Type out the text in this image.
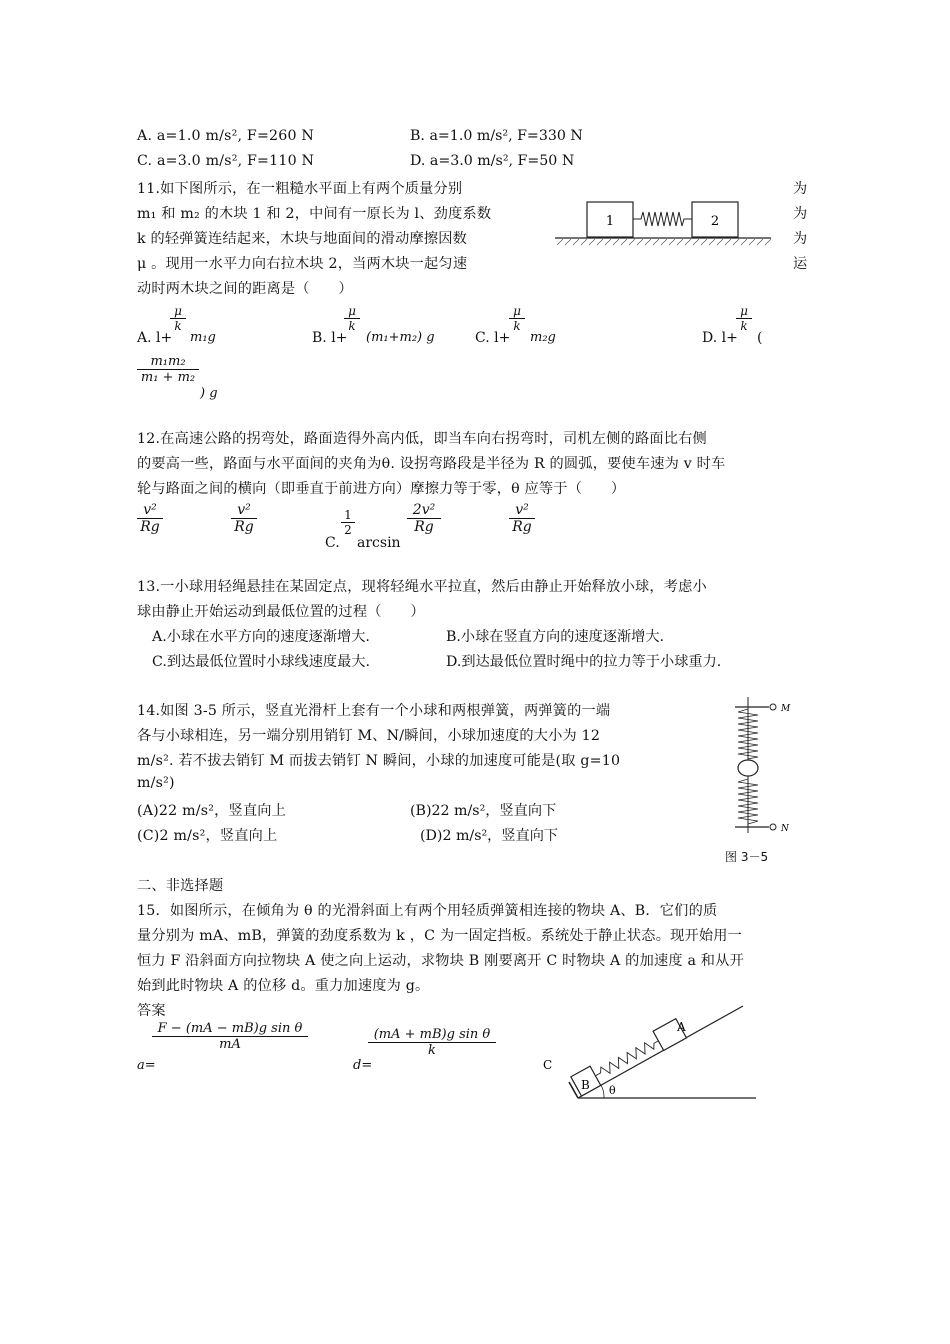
A. a=1.0 m/s², F=260 N	B. a=1.0 m/s², F=330 N
C. a=3.0 m/s², F=110 N	D. a=3.0 m/s², F=50 N
11.如下图所示，在一粗糙水平面上有两个质量分别
m₁ 和 m₂ 的木块 1 和 2，中间有一原长为 l、劲度系数
k 的轻弹簧连结起来，木块与地面间的滑动摩擦因数
μ 。现用一水平力向右拉木块 2，当两木块一起匀速
动时两木块之间的距离是（　　）
为
为
为
运
1	2
A. l+
μ
k
m₁g	B. l+
μ
k
(m₁+m₂) g	C. l+
μ
k
m₂g	D. l+
μ
k
(
m₁m₂
m₁ + m₂
) g
12.在高速公路的拐弯处，路面造得外高内低，即当车向右拐弯时，司机左侧的路面比右侧
的要高一些，路面与水平面间的夹角为θ. 设拐弯路段是半径为 R 的圆弧，要使车速为 v 时车
轮与路面之间的横向（即垂直于前进方向）摩擦力等于零，θ 应等于（　　）
v²
Rg
v²
Rg
C.
1
2
arcsin
2v²
Rg
v²
Rg
13.一小球用轻绳悬挂在某固定点，现将轻绳水平拉直，然后由静止开始释放小球，考虑小
球由静止开始运动到最低位置的过程（　　）
A.小球在水平方向的速度逐渐增大.	B.小球在竖直方向的速度逐渐增大.
C.到达最低位置时小球线速度最大.	D.到达最低位置时绳中的拉力等于小球重力.
14.如图 3-5 所示，竖直光滑杆上套有一个小球和两根弹簧，两弹簧的一端
各与小球相连，另一端分别用销钉 M、N/瞬间，小球加速度的大小为 12
m/s². 若不拔去销钉 M 而拔去销钉 N 瞬间，小球的加速度可能是(取 g=10
m/s²)
(A)22 m/s²，竖直向上	(B)22 m/s²，竖直向下
(C)2 m/s²，竖直向上	(D)2 m/s²，竖直向下
M
N
图 3－5
二、非选择题
15．如图所示，在倾角为 θ 的光滑斜面上有两个用轻质弹簧相连接的物块 A、B．它们的质
量分别为 mA、mB，弹簧的劲度系数为 k ，C 为一固定挡板。系统处于静止状态。现开始用一
恒力 F 沿斜面方向拉物块 A 使之向上运动，求物块 B 刚要离开 C 时物块 A 的加速度 a 和从开
始到此时物块 A 的位移 d。重力加速度为 g。
答案
a=
F − (mA − mB)g sin θ
mA
d=
(mA + mB)g sin θ
k
B
A
C
θ
